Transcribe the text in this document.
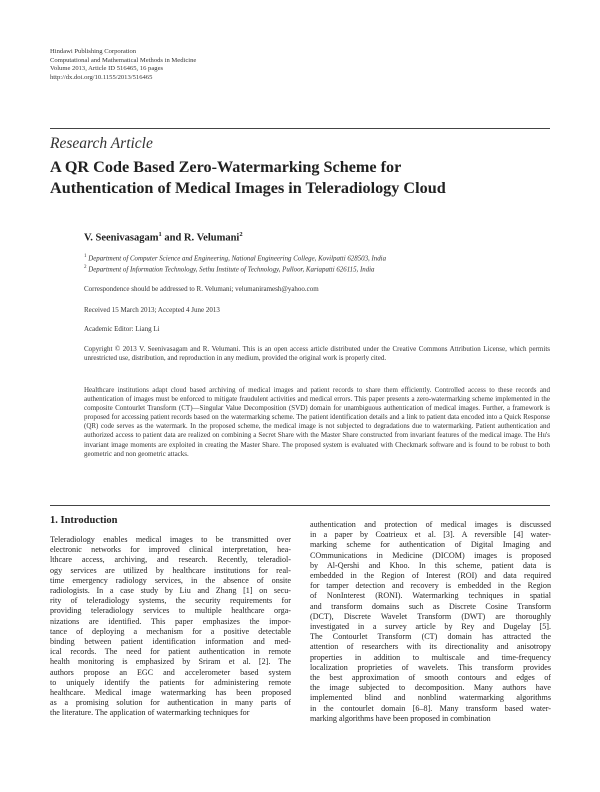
Hindawi Publishing Corporation
Computational and Mathematical Methods in Medicine
Volume 2013, Article ID 516465, 16 pages
http://dx.doi.org/10.1155/2013/516465
Research Article
A QR Code Based Zero-Watermarking Scheme for
Authentication of Medical Images in Teleradiology Cloud
V. Seenivasagam$^1$ and R. Velumani$^2$
$^1$ Department of Computer Science and Engineering, National Engineering College, Kovilpatti 628503, India
$^2$ Department of Information Technology, Sethu Institute of Technology, Pulloor, Kariapatti 626115, India
Correspondence should be addressed to R. Velumani; velumaniramesh@yahoo.com
Received 15 March 2013; Accepted 4 June 2013
Academic Editor: Liang Li
Copyright © 2013 V. Seenivasagam and R. Velumani. This is an open access article distributed under the Creative Commons Attribution License, which permits unrestricted use, distribution, and reproduction in any medium, provided the original work is properly cited.
Healthcare institutions adapt cloud based archiving of medical images and patient records to share them efficiently. Controlled access to these records and authentication of images must be enforced to mitigate fraudulent activities and medical errors. This paper presents a zero-watermarking scheme implemented in the composite Contourlet Transform (CT)—Singular Value Decomposition (SVD) domain for unambiguous authentication of medical images. Further, a framework is proposed for accessing patient records based on the watermarking scheme. The patient identification details and a link to patient data encoded into a Quick Response (QR) code serves as the watermark. In the proposed scheme, the medical image is not subjected to degradations due to watermarking. Patient authentication and authorized access to patient data are realized on combining a Secret Share with the Master Share constructed from invariant features of the medical image. The Hu's invariant image moments are exploited in creating the Master Share. The proposed system is evaluated with Checkmark software and is found to be robust to both geometric and non geometric attacks.
1. Introduction
Teleradiology enables medical images to be transmitted over
electronic networks for improved clinical interpretation, hea-
lthcare access, archiving, and research. Recently, teleradiol-
ogy services are utilized by healthcare institutions for real-
time emergency radiology services, in the absence of onsite
radiologists. In a case study by Liu and Zhang [1] on secu-
rity of teleradiology systems, the security requirements for
providing teleradiology services to multiple healthcare orga-
nizations are identified. This paper emphasizes the impor-
tance of deploying a mechanism for a positive detectable
binding between patient identification information and med-
ical records. The need for patient authentication in remote
health monitoring is emphasized by Sriram et al. [2]. The
authors propose an EGC and accelerometer based system
to uniquely identify the patients for administering remote
healthcare. Medical image watermarking has been proposed
as a promising solution for authentication in many parts of
the literature. The application of watermarking techniques for
authentication and protection of medical images is discussed
in a paper by Coatrieux et al. [3]. A reversible [4] water-
marking scheme for authentication of Digital Imaging and
COmmunications in Medicine (DICOM) images is proposed
by Al-Qershi and Khoo. In this scheme, patient data is
embedded in the Region of Interest (ROI) and data required
for tamper detection and recovery is embedded in the Region
of NonInterest (RONI). Watermarking techniques in spatial
and transform domains such as Discrete Cosine Transform
(DCT), Discrete Wavelet Transform (DWT) are thoroughly
investigated in a survey article by Rey and Dugelay [5].
The Contourlet Transform (CT) domain has attracted the
attention of researchers with its directionality and anisotropy
properties in addition to multiscale and time-frequency
localization proprieties of wavelets. This transform provides
the best approximation of smooth contours and edges of
the image subjected to decomposition. Many authors have
implemented blind and nonblind watermarking algorithms
in the contourlet domain [6–8]. Many transform based water-
marking algorithms have been proposed in combination
